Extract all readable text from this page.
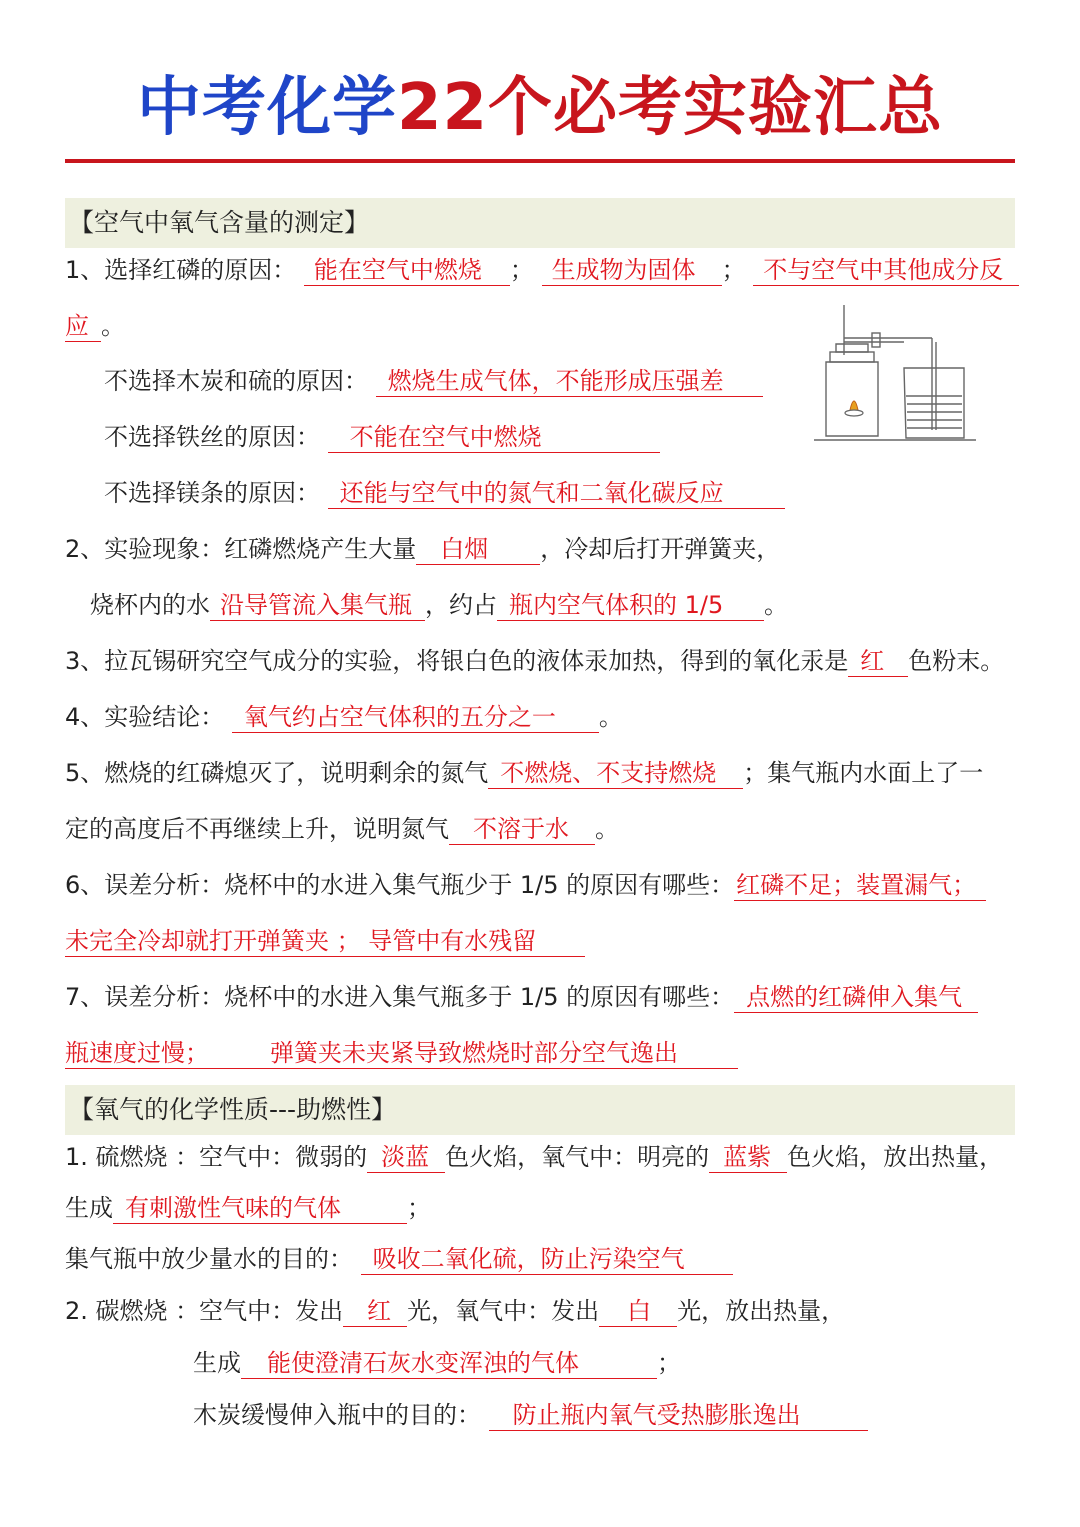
中考化学22个必考实验汇总
【空气中氧气含量的测定】
1、选择红磷的原因： 能在空气中燃烧 ； 生成物为固体 ； 不与空气中其他成分反
应 。
不选择木炭和硫的原因： 燃烧生成气体，不能形成压强差
不选择铁丝的原因： 不能在空气中燃烧
不选择镁条的原因： 还能与空气中的氮气和二氧化碳反应
2、实验现象：红磷燃烧产生大量 白烟 ，冷却后打开弹簧夹，
烧杯内的水 沿导管流入集气瓶 ，约占 瓶内空气体积的 1/5 。
3、拉瓦锡研究空气成分的实验，将银白色的液体汞加热，得到的氧化汞是 红 色粉末。
4、实验结论： 氧气约占空气体积的五分之一 。
5、燃烧的红磷熄灭了，说明剩余的氮气 不燃烧、不支持燃烧 ；集气瓶内水面上了一
定的高度后不再继续上升，说明氮气 不溶于水 。
6、误差分析：烧杯中的水进入集气瓶少于 1/5 的原因有哪些：红磷不足；装置漏气；
未完全冷却就打开弹簧夹 ； 导管中有水残留
7、误差分析：烧杯中的水进入集气瓶多于 1/5 的原因有哪些： 点燃的红磷伸入集气
瓶速度过慢；        弹簧夹未夹紧导致燃烧时部分空气逸出
【氧气的化学性质---助燃性】
1. 硫燃烧 ：空气中：微弱的 淡蓝 色火焰，氧气中：明亮的 蓝紫 色火焰，放出热量，
生成 有刺激性气味的气体	；
集气瓶中放少量水的目的： 吸收二氧化硫，防止污染空气
2. 碳燃烧 ：空气中：发出 红 光，氧气中：发出 白 光，放出热量，
生成 能使澄清石灰水变浑浊的气体	；
木炭缓慢伸入瓶中的目的： 防止瓶内氧气受热膨胀逸出
